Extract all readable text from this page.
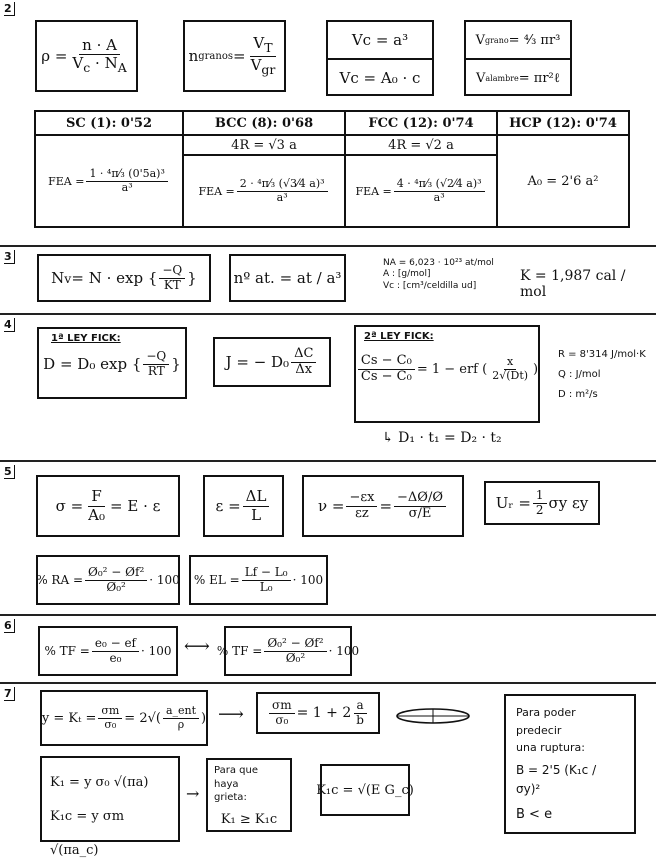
2
3
4
5
6
7
$\rho = \frac{n \cdot A}{V_c \cdot N_A}$	n granos = $\frac{V_T}{V_{gr}}$	Vc = a³
Vc = A₀ · c
V grano = ⁴⁄₃ πr³
V alambre = πr²ℓ
SC (1): 0'52	BCC (8): 0'68	FCC (12): 0'74	HCP (12): 0'74

FEA = $\frac{\text{1 · ⁴π⁄₃ (0'5a)³}}{\text{a³}}$	4R = √3 a	4R = √2 a	A₀ = 2'6 a²

	FEA = $\frac{\text{2 · ⁴π⁄₃ (√3⁄4 a)³}}{\text{a³}}$	FEA = $\frac{\text{4 · ⁴π⁄₃ (√2⁄4 a)³}}{\text{a³}}$
N v = N · exp { $\frac{-Q}{KT}$ }	nº at. = at / a³
NA = 6,023 · 10²³ at/mol
A : [g/mol]
Vc : [cm³/celdilla ud]
K = 1,987 cal / mol
1ª LEY FICK:
D = D₀ exp { $\frac{-Q}{RT}$ }	J = − $D_0 \frac{\Delta C}{\Delta x}$
2ª LEY FICK:
$\frac{\text{Cs − C₀}}{\text{Cs − C₀}} = 1$ − erf ( $\frac{x}{2√(Dt)}$ )
R = 8'314 J/mol·K
Q : J/mol
D : m²/s
↳ D₁ · t₁ = D₂ · t₂
$\sigma = \frac{F}{\text{A₀}} = E \cdot \varepsilon$	$\varepsilon = \frac{\Delta L}{L}$	$\nu = \frac{-\varepsilon x}{\varepsilon z} = \frac{-\Delta Ø/Ø}{\sigma/E}$	Uᵣ = $\frac{1}{2}$ σy εy
% RA = $\frac{\text{Ø₀² − Øf²}}{\text{Ø₀²}} \cdot 100$ % EL = $\frac{\text{Lf − L₀}}{\text{L₀}} \cdot 100$
% TF = $\frac{\text{e₀ − ef}}{\text{e₀}} \cdot 100$ ⟷ % TF = $\frac{\text{Ø₀² − Øf²}}{\text{Ø₀²}} \cdot 100$
$y = K_t = \frac{\sigma m}{\text{σ₀}} = 2√( \frac{\text{a\_ent}}{\rho}$ ) ⟶ $\frac{\sigma m}{\text{σ₀}} = 1 + 2 \frac{a}{b}$	Para poder predecir
una ruptura:
B = 2'5 (K₁c / σy)²
B < e
K₁ = y σ₀ √(πa)
K₁c = y σm √(πa_c)
→
Para que haya
grieta:
K₁ ≥ K₁c
K₁c = √(E G_c)
